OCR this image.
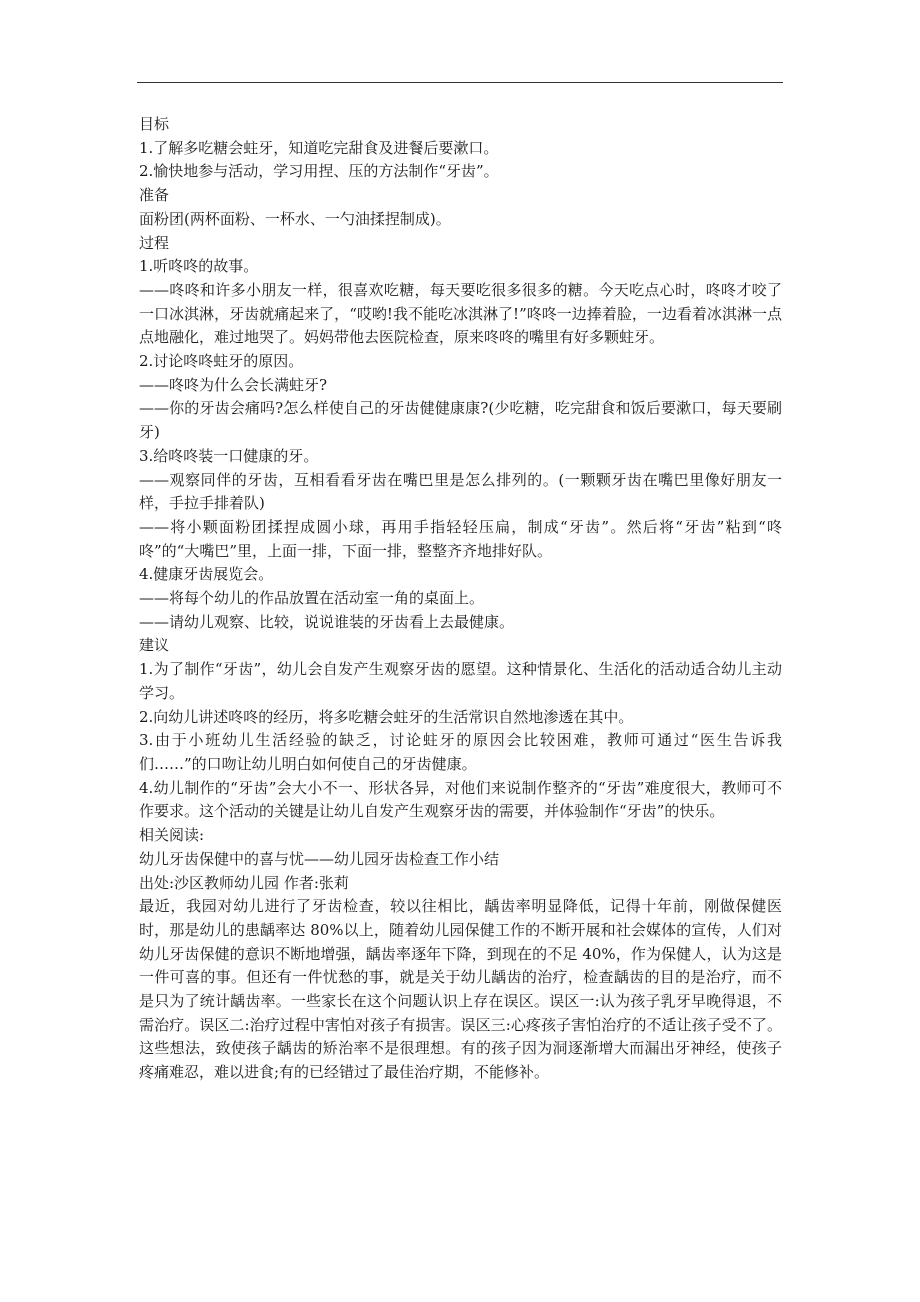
目标

1.了解多吃糖会蛀牙，知道吃完甜食及进餐后要漱口。

2.愉快地参与活动，学习用捏、压的方法制作“牙齿”。

准备

面粉团(两杯面粉、一杯水、一勺油揉捏制成)。

过程

1.听咚咚的故事。

——咚咚和许多小朋友一样，很喜欢吃糖，每天要吃很多很多的糖。今天吃点心时，咚咚才咬了一口冰淇淋，牙齿就痛起来了，“哎哟!我不能吃冰淇淋了!”咚咚一边捧着脸，一边看着冰淇淋一点点地融化，难过地哭了。妈妈带他去医院检查，原来咚咚的嘴里有好多颗蛀牙。

2.讨论咚咚蛀牙的原因。

——咚咚为什么会长满蛀牙?

——你的牙齿会痛吗?怎么样使自己的牙齿健健康康?(少吃糖，吃完甜食和饭后要漱口，每天要刷牙)

3.给咚咚装一口健康的牙。

——观察同伴的牙齿，互相看看牙齿在嘴巴里是怎么排列的。(一颗颗牙齿在嘴巴里像好朋友一样，手拉手排着队)

——将小颗面粉团揉捏成圆小球，再用手指轻轻压扁，制成“牙齿”。然后将“牙齿”粘到“咚咚”的“大嘴巴”里，上面一排，下面一排，整整齐齐地排好队。

4.健康牙齿展览会。

——将每个幼儿的作品放置在活动室一角的桌面上。

——请幼儿观察、比较，说说谁装的牙齿看上去最健康。

建议

1.为了制作“牙齿”，幼儿会自发产生观察牙齿的愿望。这种情景化、生活化的活动适合幼儿主动学习。

2.向幼儿讲述咚咚的经历，将多吃糖会蛀牙的生活常识自然地渗透在其中。

3.由于小班幼儿生活经验的缺乏，讨论蛀牙的原因会比较困难，教师可通过“医生告诉我们……”的口吻让幼儿明白如何使自己的牙齿健康。

4.幼儿制作的“牙齿”会大小不一、形状各异，对他们来说制作整齐的“牙齿”难度很大，教师可不作要求。这个活动的关键是让幼儿自发产生观察牙齿的需要，并体验制作“牙齿”的快乐。

相关阅读:

幼儿牙齿保健中的喜与忧——幼儿园牙齿检查工作小结

出处:沙区教师幼儿园 作者:张莉

最近，我园对幼儿进行了牙齿检查，较以往相比，龋齿率明显降低，记得十年前，刚做保健医时，那是幼儿的患龋率达 80%以上，随着幼儿园保健工作的不断开展和社会媒体的宣传，人们对幼儿牙齿保健的意识不断地增强，龋齿率逐年下降，到现在的不足 40%，作为保健人，认为这是一件可喜的事。但还有一件忧愁的事，就是关于幼儿龋齿的治疗，检查龋齿的目的是治疗，而不是只为了统计龋齿率。一些家长在这个问题认识上存在误区。误区一:认为孩子乳牙早晚得退，不需治疗。误区二:治疗过程中害怕对孩子有损害。误区三:心疼孩子害怕治疗的不适让孩子受不了。这些想法，致使孩子龋齿的矫治率不是很理想。有的孩子因为洞逐渐增大而漏出牙神经，使孩子疼痛难忍，难以进食;有的已经错过了最佳治疗期，不能修补。
